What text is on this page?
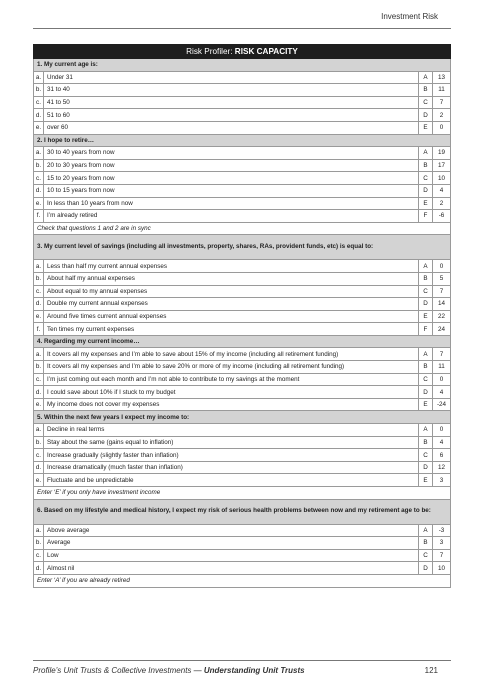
Investment Risk
Risk Profiler: RISK CAPACITY			
1. My current age is:			
a.	Under 31	A	13
b.	31 to 40	B	11
c.	41 to 50	C	7
d.	51 to 60	D	2
e.	over 60	E	0
2. I hope to retire…			
a.	30 to 40 years from now	A	19
b.	20 to 30 years from now	B	17
c.	15 to 20 years from now	C	10
d.	10 to 15 years from now	D	4
e.	In less than 10 years from now	E	2
f.	I’m already retired	F	-6
Check that questions 1 and 2 are in sync			
3. My current level of savings (including all investments, property, shares, RAs, provident funds, etc) is equal to:			
a.	Less than half my current annual expenses	A	0
b.	About half my annual expenses	B	5
c.	About equal to my annual expenses	C	7
d.	Double my current annual expenses	D	14
e.	Around five times current annual expenses	E	22
f.	Ten times my current expenses	F	24
4. Regarding my current income…			
a.	It covers all my expenses and I’m able to save about 15% of my income (including all retirement funding)	A	7
b.	It covers all my expenses and I’m able to save 20% or more of my income (including all retirement funding)	B	11
c.	I’m just coming out each month and I’m not able to contribute to my savings at the moment	C	0
d.	I could save about 10% if I stuck to my budget	D	4
e.	My income does not cover my expenses	E	-24
5. Within the next few years I expect my income to:			
a.	Decline in real terms	A	0
b.	Stay about the same (gains equal to inflation)	B	4
c.	Increase gradually (slightly faster than inflation)	C	6
d.	Increase dramatically (much faster than inflation)	D	12
e.	Fluctuate and be unpredictable	E	3
Enter ‘E’ if you only have investment income			
6. Based on my lifestyle and medical history, I expect my risk of serious health problems between now and my retirement age to be:			
a.	Above average	A	-3
b.	Average	B	3
c.	Low	C	7
d.	Almost nil	D	10
Enter ‘A’ if you are already retired			
Profile’s Unit Trusts & Collective Investments — Understanding Unit Trusts	121
